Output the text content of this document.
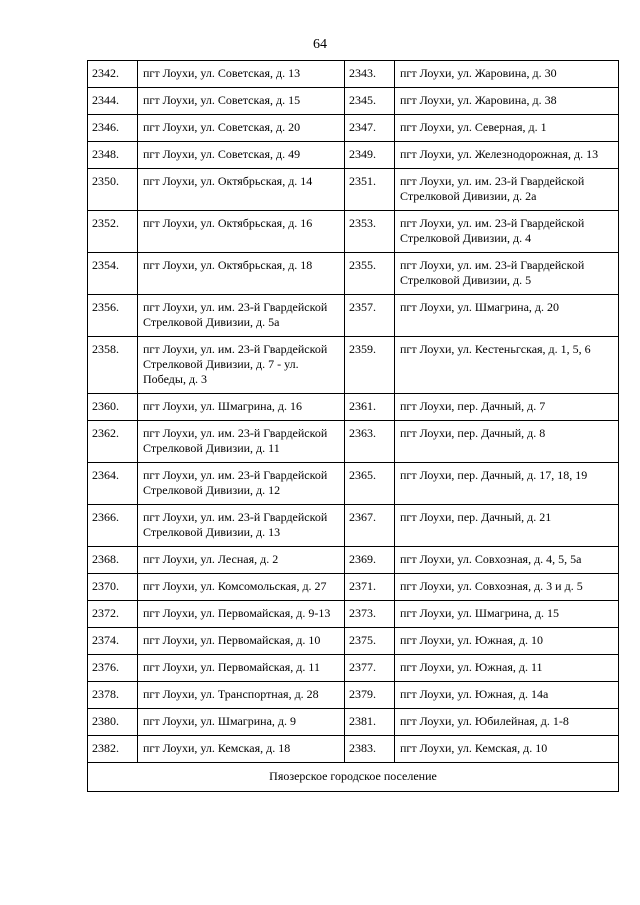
64
2342.	пгт Лоухи, ул. Советская, д. 13	2343.	пгт Лоухи, ул. Жаровина, д. 30
2344.	пгт Лоухи, ул. Советская, д. 15	2345.	пгт Лоухи, ул. Жаровина, д. 38
2346.	пгт Лоухи, ул. Советская, д. 20	2347.	пгт Лоухи, ул. Северная, д. 1
2348.	пгт Лоухи, ул. Советская, д. 49	2349.	пгт Лоухи, ул. Железнодорожная, д. 13
2350.	пгт Лоухи, ул. Октябрьская, д. 14	2351.	пгт Лоухи, ул. им. 23-й Гвардейской Стрелковой Дивизии, д. 2а
2352.	пгт Лоухи, ул. Октябрьская, д. 16	2353.	пгт Лоухи, ул. им. 23-й Гвардейской Стрелковой Дивизии, д. 4
2354.	пгт Лоухи, ул. Октябрьская, д. 18	2355.	пгт Лоухи, ул. им. 23-й Гвардейской Стрелковой Дивизии, д. 5
2356.	пгт Лоухи, ул. им. 23-й Гвардейской Стрелковой Дивизии, д. 5а	2357.	пгт Лоухи, ул. Шмагрина, д. 20
2358.	пгт Лоухи, ул. им. 23-й Гвардейской Стрелковой Дивизии, д. 7 - ул. Победы, д. 3	2359.	пгт Лоухи, ул. Кестеньгская, д. 1, 5, 6
2360.	пгт Лоухи, ул. Шмагрина, д. 16	2361.	пгт Лоухи, пер. Дачный, д. 7
2362.	пгт Лоухи, ул. им. 23-й Гвардейской Стрелковой Дивизии, д. 11	2363.	пгт Лоухи, пер. Дачный, д. 8
2364.	пгт Лоухи, ул. им. 23-й Гвардейской Стрелковой Дивизии, д. 12	2365.	пгт Лоухи, пер. Дачный, д. 17, 18, 19
2366.	пгт Лоухи, ул. им. 23-й Гвардейской Стрелковой Дивизии, д. 13	2367.	пгт Лоухи, пер. Дачный, д. 21
2368.	пгт Лоухи, ул. Лесная, д. 2	2369.	пгт Лоухи, ул. Совхозная, д. 4, 5, 5а
2370.	пгт Лоухи, ул. Комсомольская, д. 27	2371.	пгт Лоухи, ул. Совхозная, д. 3 и д. 5
2372.	пгт Лоухи, ул. Первомайская, д. 9-13	2373.	пгт Лоухи, ул. Шмагрина, д. 15
2374.	пгт Лоухи, ул. Первомайская, д. 10	2375.	пгт Лоухи, ул. Южная, д. 10
2376.	пгт Лоухи, ул. Первомайская, д. 11	2377.	пгт Лоухи, ул. Южная, д. 11
2378.	пгт Лоухи, ул. Транспортная, д. 28	2379.	пгт Лоухи, ул. Южная, д. 14а
2380.	пгт Лоухи, ул. Шмагрина, д. 9	2381.	пгт Лоухи, ул. Юбилейная, д. 1-8
2382.	пгт Лоухи, ул. Кемская, д. 18	2383.	пгт Лоухи, ул. Кемская, д. 10
Пяозерское городское поселение			
